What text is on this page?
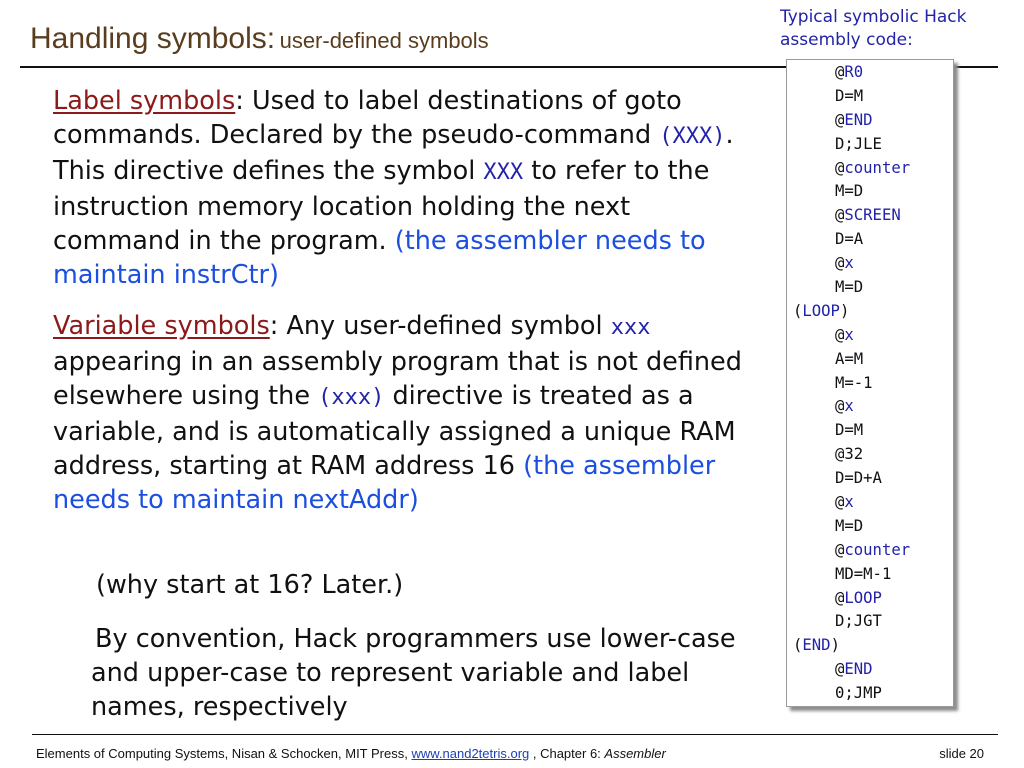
Handling symbols: user-defined symbols
Typical symbolic Hack
assembly code:
@R0
D=M
@END
D;JLE
@counter
M=D
@SCREEN
D=A
@x
M=D
(LOOP)
@x
A=M
M=-1
@x
D=M
@32
D=D+A
@x
M=D
@counter
MD=M-1
@LOOP
D;JGT
(END)
@END
0;JMP
Label symbols: Used to label destinations of goto commands. Declared by the pseudo-command (XXX). This directive defines the symbol XXX to refer to the instruction memory location holding the next command in the program. (the assembler needs to maintain instrCtr)
Variable symbols: Any user-defined symbol xxx appearing in an assembly program that is not defined elsewhere using the (xxx) directive is treated as a variable, and is automatically assigned a unique RAM address, starting at RAM address 16 (the assembler needs to maintain nextAddr)
(why start at 16? Later.)
By convention, Hack programmers use lower-case and upper-case to represent variable and label names, respectively
Elements of Computing Systems, Nisan & Schocken, MIT Press, www.nand2tetris.org , Chapter 6: Assembler	slide 20
